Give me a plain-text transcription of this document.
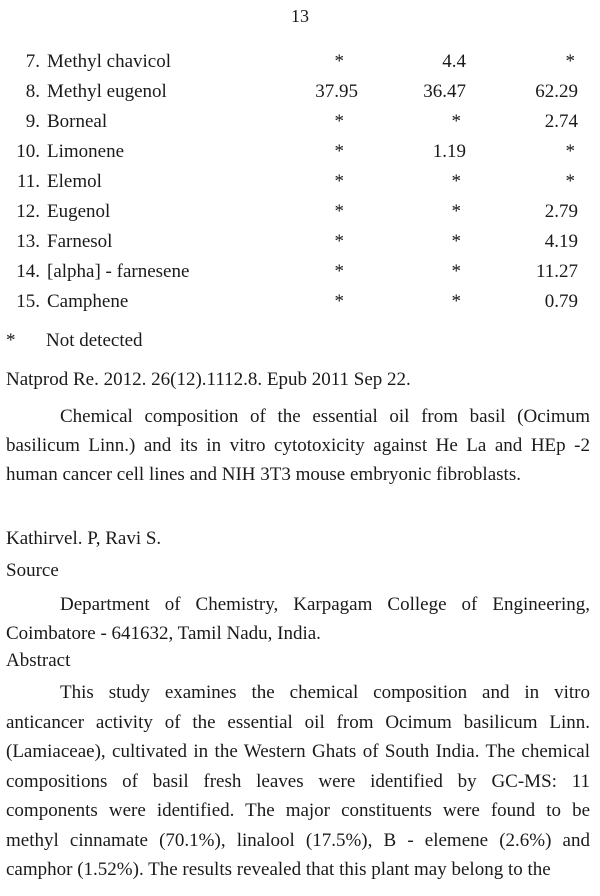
13
7. Methyl chavicol	*	4.4	*
8. Methyl eugenol	37.95	36.47	62.29
9. Borneal	*	*	2.74
10. Limonene	*	1.19	*
11. Elemol	*	*	*
12. Eugenol	*	*	2.79
13. Farnesol	*	*	4.19
14. [alpha] - farnesene	*	*	11.27
15. Camphene	*	*	0.79
* Not detected
Natprod Re. 2012. 26(12).1112.8. Epub 2011 Sep 22.
Chemical composition of the essential oil from basil (Ocimum basilicum Linn.) and its in vitro cytotoxicity against He La and HEp -2 human cancer cell lines and NIH 3T3 mouse embryonic fibroblasts.
Kathirvel. P, Ravi S.
Source
Department of Chemistry, Karpagam College of Engineering, Coimbatore - 641632, Tamil Nadu, India.
Abstract
This study examines the chemical composition and in vitro anticancer activity of the essential oil from Ocimum basilicum Linn. (Lamiaceae), cultivated in the Western Ghats of South India. The chemical compositions of basil fresh leaves were identified by GC-MS: 11 components were identified. The major constituents were found to be methyl cinnamate (70.1%), linalool (17.5%), B - elemene (2.6%) and camphor (1.52%). The results revealed that this plant may belong to the
